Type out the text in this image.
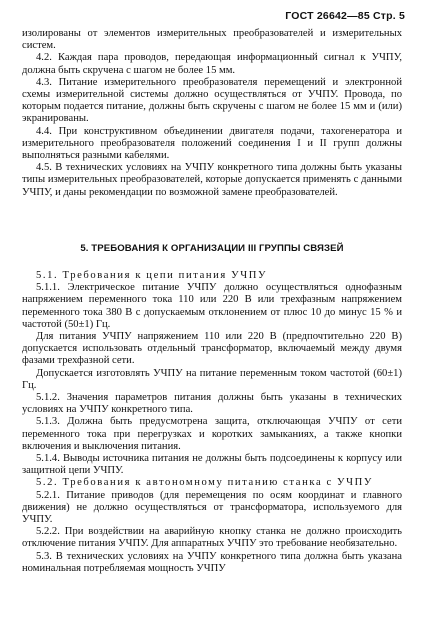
ГОСТ 26642—85 Стр. 5

изолированы от элементов измерительных преобразователей и измерительных систем.

4.2. Каждая пара проводов, передающая информационный сигнал к УЧПУ, должна быть скручена с шагом не более 15 мм.

4.3. Питание измерительного преобразователя перемещений и электронной схемы измерительной системы должно осуществляться от УЧПУ. Провода, по которым подается питание, должны быть скручены с шагом не более 15 мм и (или) экранированы.

4.4. При конструктивном объединении двигателя подачи, тахогенератора и измерительного преобразователя положений соединения I и II групп должны выполняться разными кабелями.

4.5. В технических условиях на УЧПУ конкретного типа должны быть указаны типы измерительных преобразователей, которые допускается применять с данными УЧПУ, и даны рекомендации по возможной замене преобразователей.

5. ТРЕБОВАНИЯ К ОРГАНИЗАЦИИ III ГРУППЫ СВЯЗЕЙ

5.1. Требования к цепи питания УЧПУ

5.1.1. Электрическое питание УЧПУ должно осуществляться однофазным напряжением переменного тока 110 или 220 В или трехфазным напряжением переменного тока 380 В с допускаемым отклонением от плюс 10 до минус 15 % и частотой (50±1) Гц.

Для питания УЧПУ напряжением 110 или 220 В (предпочтительно 220 В) допускается использовать отдельный трансформатор, включаемый между двумя фазами трехфазной сети.

Допускается изготовлять УЧПУ на питание переменным током частотой (60±1) Гц.

5.1.2. Значения параметров питания должны быть указаны в технических условиях на УЧПУ конкретного типа.

5.1.3. Должна быть предусмотрена защита, отключающая УЧПУ от сети переменного тока при перегрузках и коротких замыканиях, а также кнопки включения и выключения питания.

5.1.4. Выводы источника питания не должны быть подсоединены к корпусу или защитной цепи УЧПУ.

5.2. Требования к автономному питанию станка с УЧПУ

5.2.1. Питание приводов (для перемещения по осям координат и главного движения) не должно осуществляться от трансформатора, используемого для УЧПУ.

5.2.2. При воздействии на аварийную кнопку станка не должно происходить отключение питания УЧПУ. Для аппаратных УЧПУ это требование необязательно.

5.3. В технических условиях на УЧПУ конкретного типа должна быть указана номинальная потребляемая мощность УЧПУ
